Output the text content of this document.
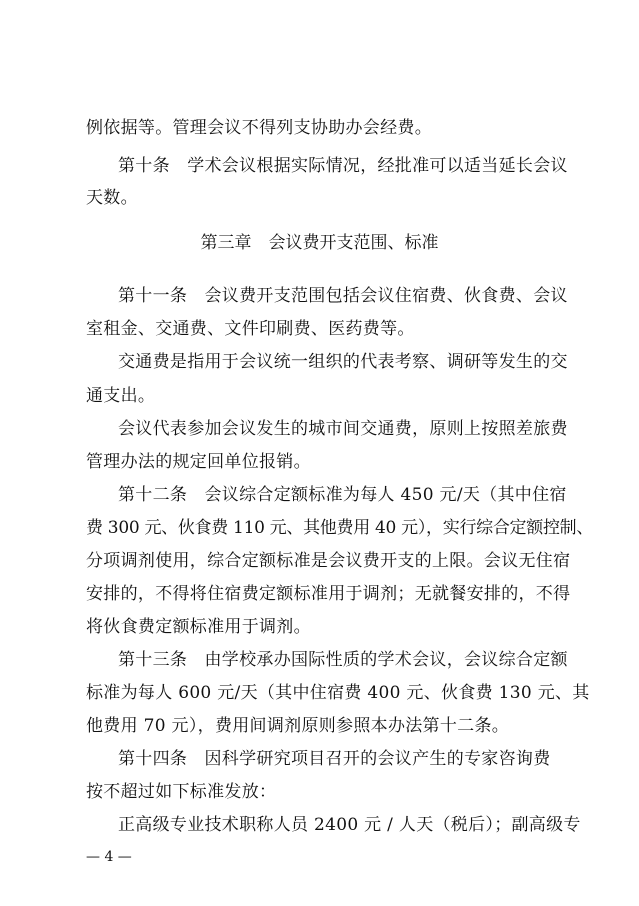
例依据等。管理会议不得列支协助办会经费。
第十条　学术会议根据实际情况，经批准可以适当延长会议
天数。
第三章　会议费开支范围、标准
第十一条　会议费开支范围包括会议住宿费、伙食费、会议
室租金、交通费、文件印刷费、医药费等。
交通费是指用于会议统一组织的代表考察、调研等发生的交
通支出。
会议代表参加会议发生的城市间交通费，原则上按照差旅费
管理办法的规定回单位报销。
第十二条　会议综合定额标准为每人 450 元/天（其中住宿
费 300 元、伙食费 110 元、其他费用 40 元），实行综合定额控制、
分项调剂使用，综合定额标准是会议费开支的上限。会议无住宿
安排的，不得将住宿费定额标准用于调剂；无就餐安排的，不得
将伙食费定额标准用于调剂。
第十三条　由学校承办国际性质的学术会议，会议综合定额
标准为每人 600 元/天（其中住宿费 400 元、伙食费 130 元、其
他费用 70 元），费用间调剂原则参照本办法第十二条。
第十四条　因科学研究项目召开的会议产生的专家咨询费
按不超过如下标准发放：
正高级专业技术职称人员 2400 元 / 人天（税后）；副高级专
— 4 —
